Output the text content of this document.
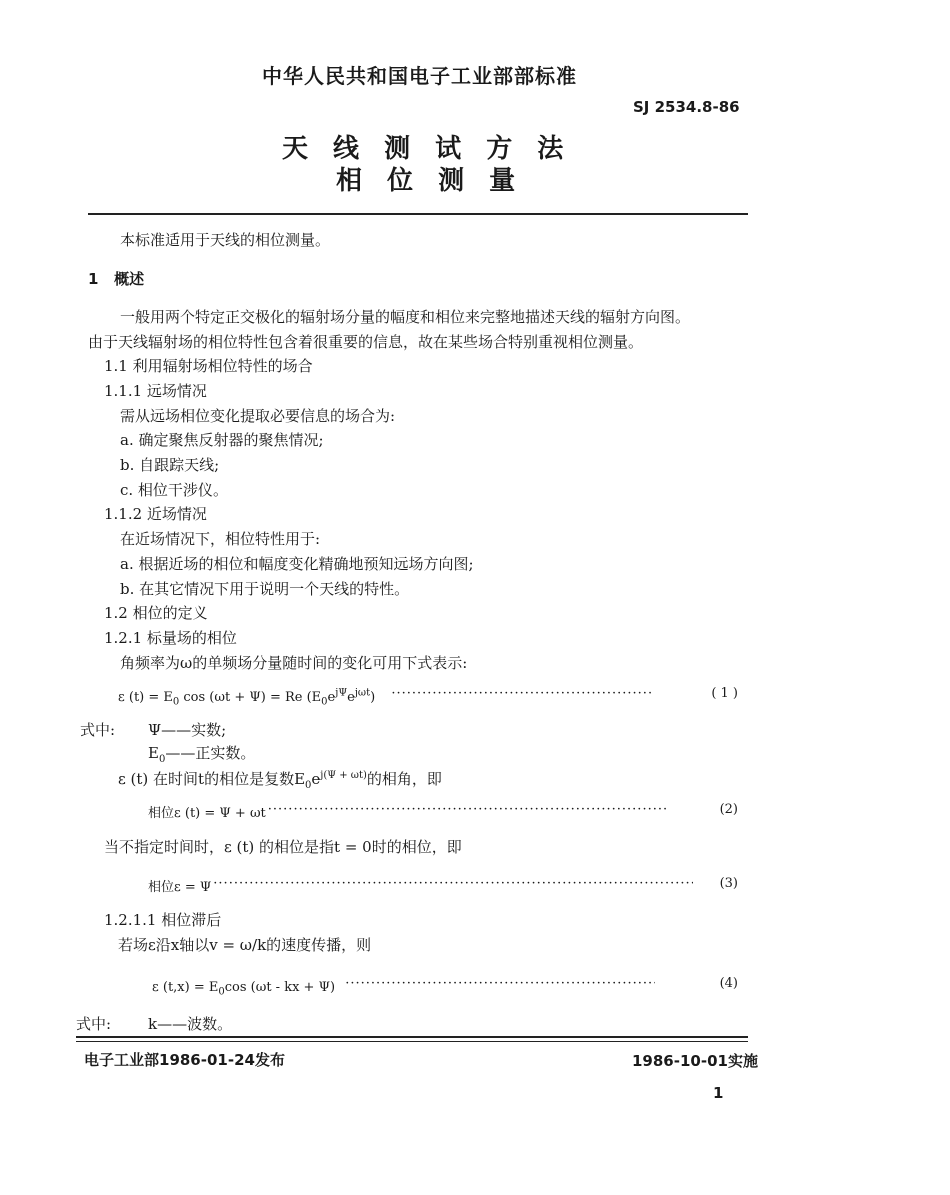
中华人民共和国电子工业部部标准
SJ 2534.8-86
天 线 测 试 方 法
相 位 测 量
本标准适用于天线的相位测量。
1 概述
一般用两个特定正交极化的辐射场分量的幅度和相位来完整地描述天线的辐射方向图。
由于天线辐射场的相位特性包含着很重要的信息，故在某些场合特别重视相位测量。
1.1 利用辐射场相位特性的场合
1.1.1 远场情况
需从远场相位变化提取必要信息的场合为:
a. 确定聚焦反射器的聚焦情况;
b. 自跟踪天线;
c. 相位干涉仪。
1.1.2 近场情况
在近场情况下，相位特性用于:
a. 根据近场的相位和幅度变化精确地预知远场方向图;
b. 在其它情况下用于说明一个天线的特性。
1.2 相位的定义
1.2.1 标量场的相位
角频率为ω的单频场分量随时间的变化可用下式表示:
ε $(t) = E_0$ cos (ωt + Ψ) = Re $(E_0e^{j\Psi}e^{j\omega t})$ ·····	( 1 )
式中: Ψ——实数;
$E_0——$正实数。
ε (t) 在时间t的相位是复数$E_0e^{j(\Psi + \omega t)}$的相角，即
相位ε (t) = Ψ + ωt ·····	(2)
当不指定时间时，ε (t) 的相位是指t = 0时的相位，即
相位ε = Ψ ·····	(3)
1.2.1.1 相位滞后
若场ε沿x轴以v = ω/k的速度传播，则
ε $(t,x) = E_0\cos$ (ωt - kx + Ψ) ·····	(4)
式中: k——波数。
电子工业部1986-01-24发布	1986-10-01实施
1
